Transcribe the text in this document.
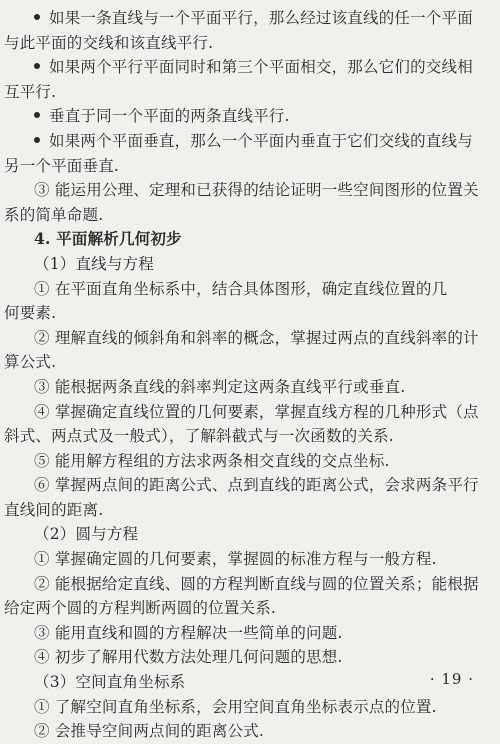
如果一条直线与一个平面平行，那么经过该直线的任一个平面
与此平面的交线和该直线平行.
如果两个平行平面同时和第三个平面相交，那么它们的交线相
互平行.
垂直于同一个平面的两条直线平行.
如果两个平面垂直，那么一个平面内垂直于它们交线的直线与
另一个平面垂直.
③ 能运用公理、定理和已获得的结论证明一些空间图形的位置关
系的简单命题.
4. 平面解析几何初步
（1）直线与方程
① 在平面直角坐标系中，结合具体图形，确定直线位置的几
何要素.
② 理解直线的倾斜角和斜率的概念，掌握过两点的直线斜率的计
算公式.
③ 能根据两条直线的斜率判定这两条直线平行或垂直.
④ 掌握确定直线位置的几何要素，掌握直线方程的几种形式（点
斜式、两点式及一般式），了解斜截式与一次函数的关系.
⑤ 能用解方程组的方法求两条相交直线的交点坐标.
⑥ 掌握两点间的距离公式、点到直线的距离公式，会求两条平行
直线间的距离.
（2）圆与方程
① 掌握确定圆的几何要素，掌握圆的标准方程与一般方程.
② 能根据给定直线、圆的方程判断直线与圆的位置关系；能根据
给定两个圆的方程判断两圆的位置关系.
③ 能用直线和圆的方程解决一些简单的问题.
④ 初步了解用代数方法处理几何问题的思想.
（3）空间直角坐标系
① 了解空间直角坐标系，会用空间直角坐标表示点的位置.
② 会推导空间两点间的距离公式.
· 19 ·
